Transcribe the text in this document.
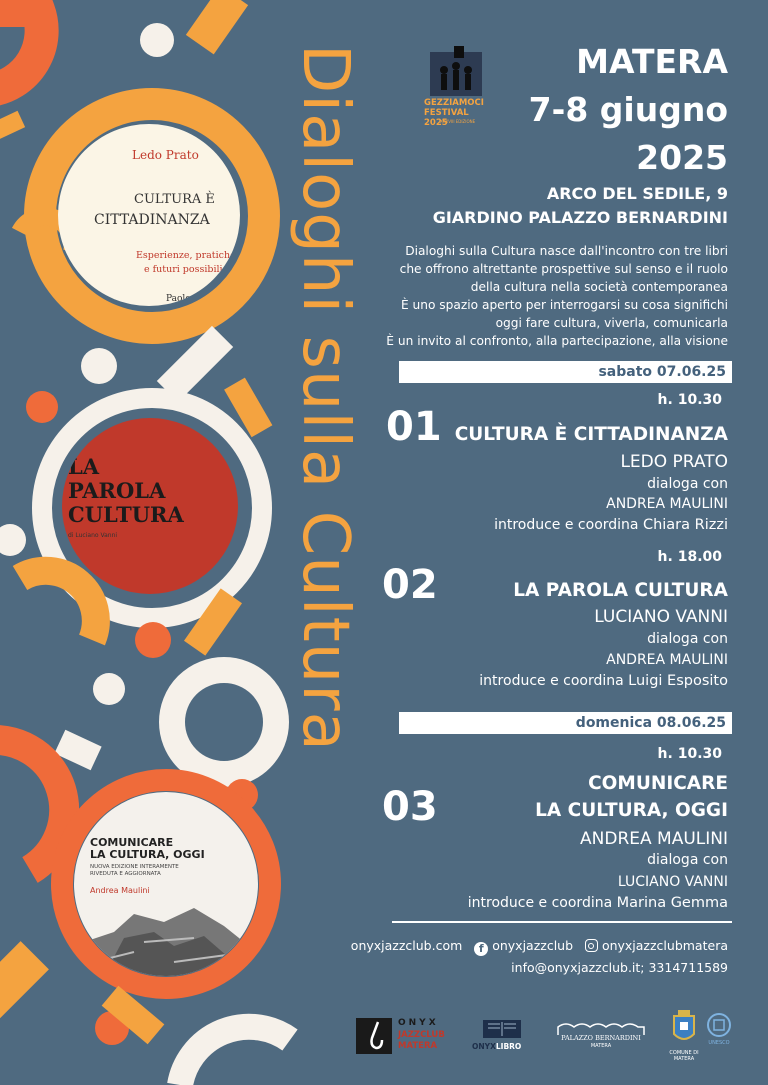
Ledo Prato
CULTURA È
CITTADINANZA
Esperienze, pratiche
e futuri possibili
Paolo Ri
LA
PAROLA
CULTURA
di Luciano Vanni
COMUNICARE
LA CULTURA, OGGI
NUOVA EDIZIONE INTERAMENTE
RIVEDUTA E AGGIORNATA
Andrea Maulini
Dialoghi sulla Cultura	GEZZIAMOCI
FESTIVAL 2025
XXXVIII EDIZIONE
MATERA
7-8 giugno
2025
ARCO DEL SEDILE, 9
GIARDINO PALAZZO BERNARDINI
Dialoghi sulla Cultura nasce dall'incontro con tre libri
che offrono altrettante prospettive sul senso e il ruolo
della cultura nella società contemporanea
È uno spazio aperto per interrogarsi su cosa significhi
oggi fare cultura, viverla, comunicarla
È un invito al confronto, alla partecipazione, alla visione
sabato 07.06.25
h. 10.30
01 CULTURA È CITTADINANZA
LEDO PRATO
dialoga con
ANDREA MAULINI
introduce e coordina Chiara Rizzi
h. 18.00
02	LA PAROLA CULTURA
LUCIANO VANNI
dialoga con
ANDREA MAULINI
introduce e coordina Luigi Esposito
domenica 08.06.25
h. 10.30
03
COMUNICARE
LA CULTURA, OGGI
ANDREA MAULINI
dialoga con
LUCIANO VANNI
introduce e coordina Marina Gemma
onyxjazzclub.com f onyxjazzclub onyxjazzclubmatera
info@onyxjazzclub.it; 3314711589
ONYX
JAZZCLUB
MATERA	ONYXLIBRO
PALAZZO BERNARDINI
MATERA
COMUNE DI MATERA
UNESCO
